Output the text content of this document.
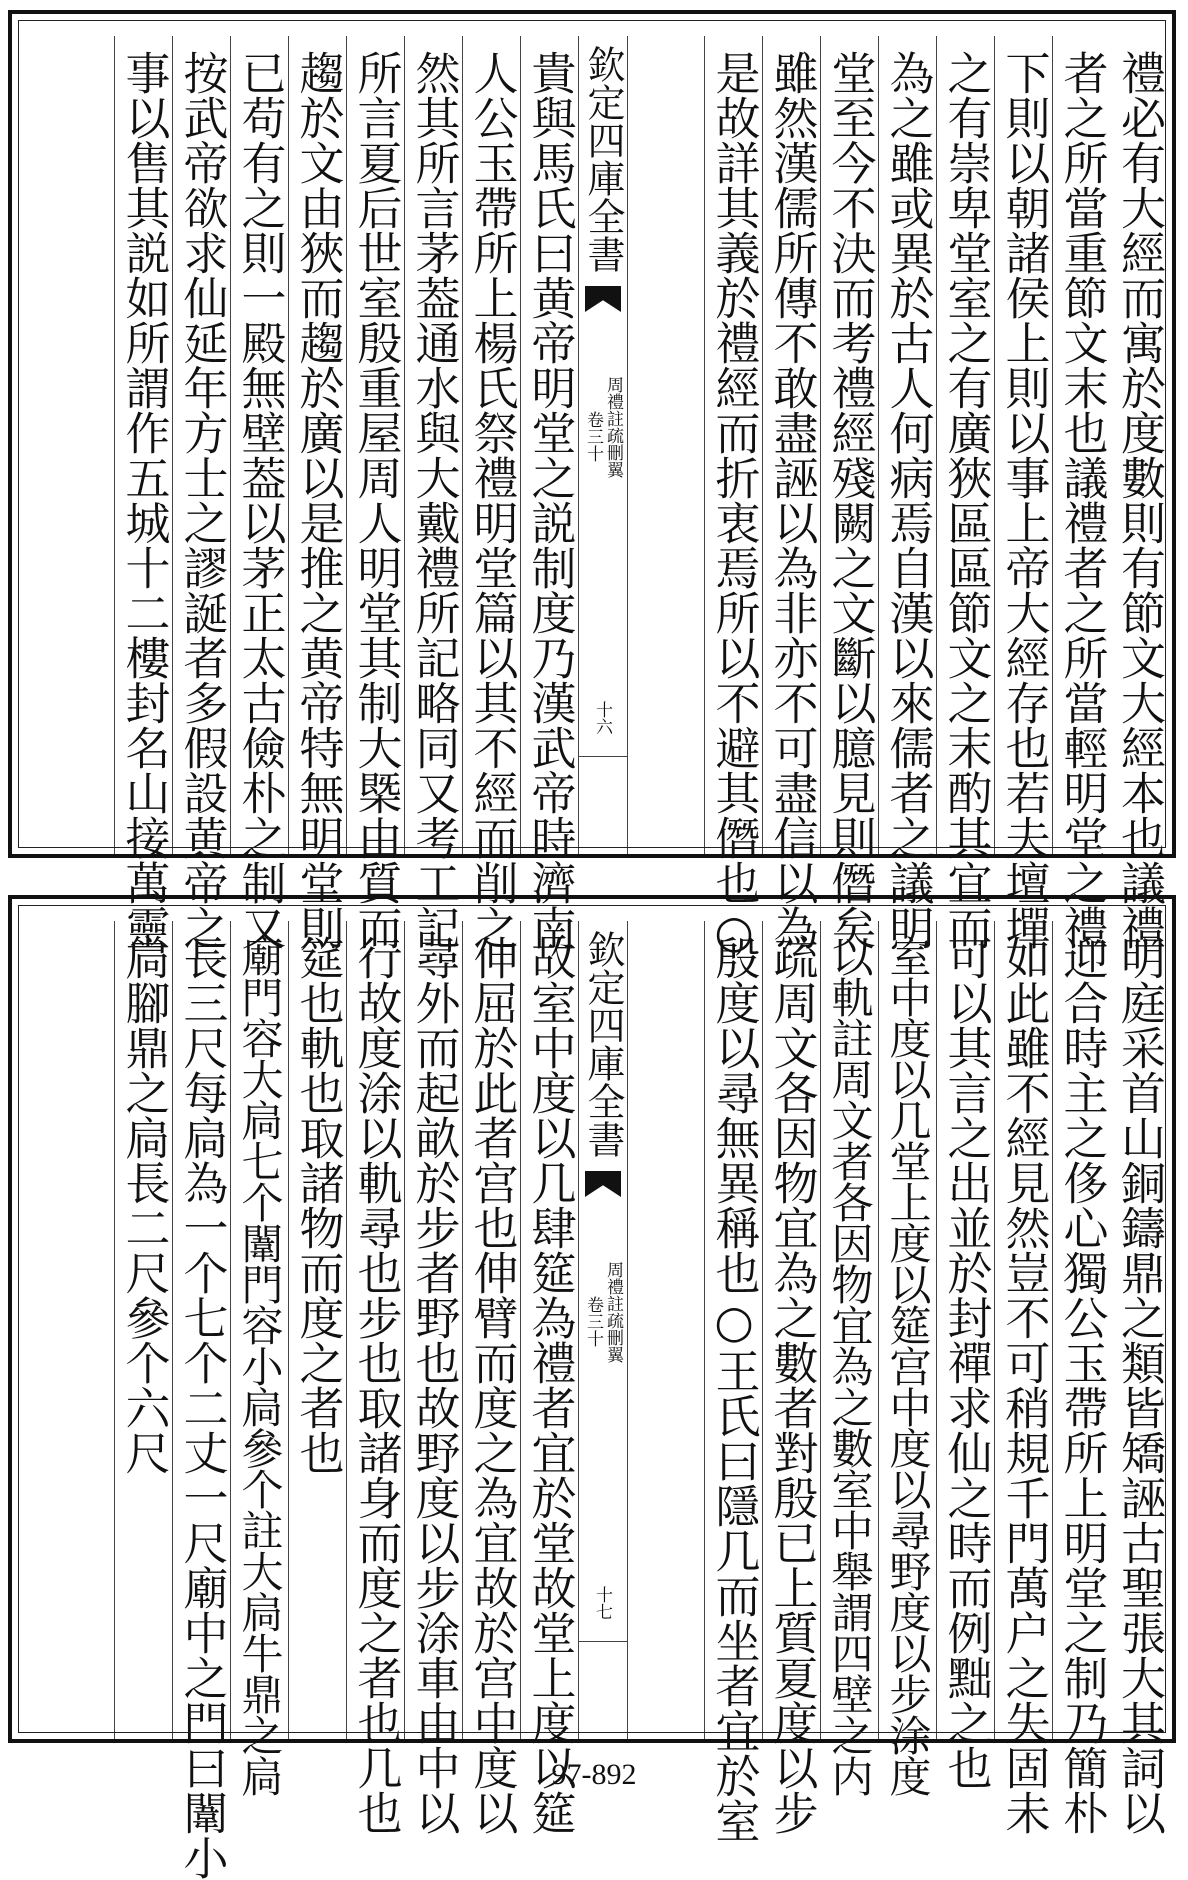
禮必有大經而寓於度數則有節文大經本也議禮
者之所當重節文末也議禮者之所當輕明堂之禮
下則以朝諸侯上則以事上帝大經存也若夫壇墠
之有崇卑堂室之有廣狹區區節文之末酌其宜而
為之雖或異於古人何病焉自漢以來儒者之議明
堂至今不決而考禮經殘闕之文斷以臆見則僭矣
雖然漢儒所傳不敢盡誣以為非亦不可盡信以為
是故詳其義於禮經而折衷焉所以不避其僭也○
欽定四庫全書
周禮註疏刪翼
卷三十
十六
貴與馬氏曰黄帝明堂之説制度乃漢武帝時濟南
人公玉帶所上楊氏祭禮明堂篇以其不經而削之
然其所言茅葢通水與大戴禮所記略同又考工記
所言夏后世室殷重屋周人明堂其制大槩由質而
趨於文由狹而趨於廣以是推之黄帝特無明堂則
已苟有之則一殿無壁葢以茅正太古儉朴之制又
按武帝欲求仙延年方士之謬誕者多假設黄帝之
事以售其説如所謂作五城十二樓封名山接萬靈
明庭采首山銅鑄鼎之類皆矯誣古聖張大其詞以
迎合時主之侈心獨公玉帶所上明堂之制乃簡朴
如此雖不經見然豈不可稍規千門萬户之失固未
可以其言之出並於封禪求仙之時而例黜之也
室中度以几堂上度以筵宫中度以尋野度以步涂度
以軌註周文者各因物宜為之數室中舉謂四壁之内
疏周文各因物宜為之數者對殷已上質夏度以步
殷度以尋無異稱也○王氏曰隱几而坐者宜於室
欽定四庫全書
周禮註疏刪翼
卷三十
十七
故室中度以几肆筵為禮者宜於堂故堂上度以筵
伸屈於此者宫也伸臂而度之為宜故於宫中度以
尋外而起畝於步者野也故野度以步涂車由中以
行故度涂以軌尋也步也取諸身而度之者也几也
筵也軌也取諸物而度之者也
廟門容大扃七个闈門容小扃參个註大扃牛鼎之扃
長三尺每扃為一个七个二丈一尺廟中之門曰闈小
扃腳鼎之扃長二尺參个六尺
97-892
